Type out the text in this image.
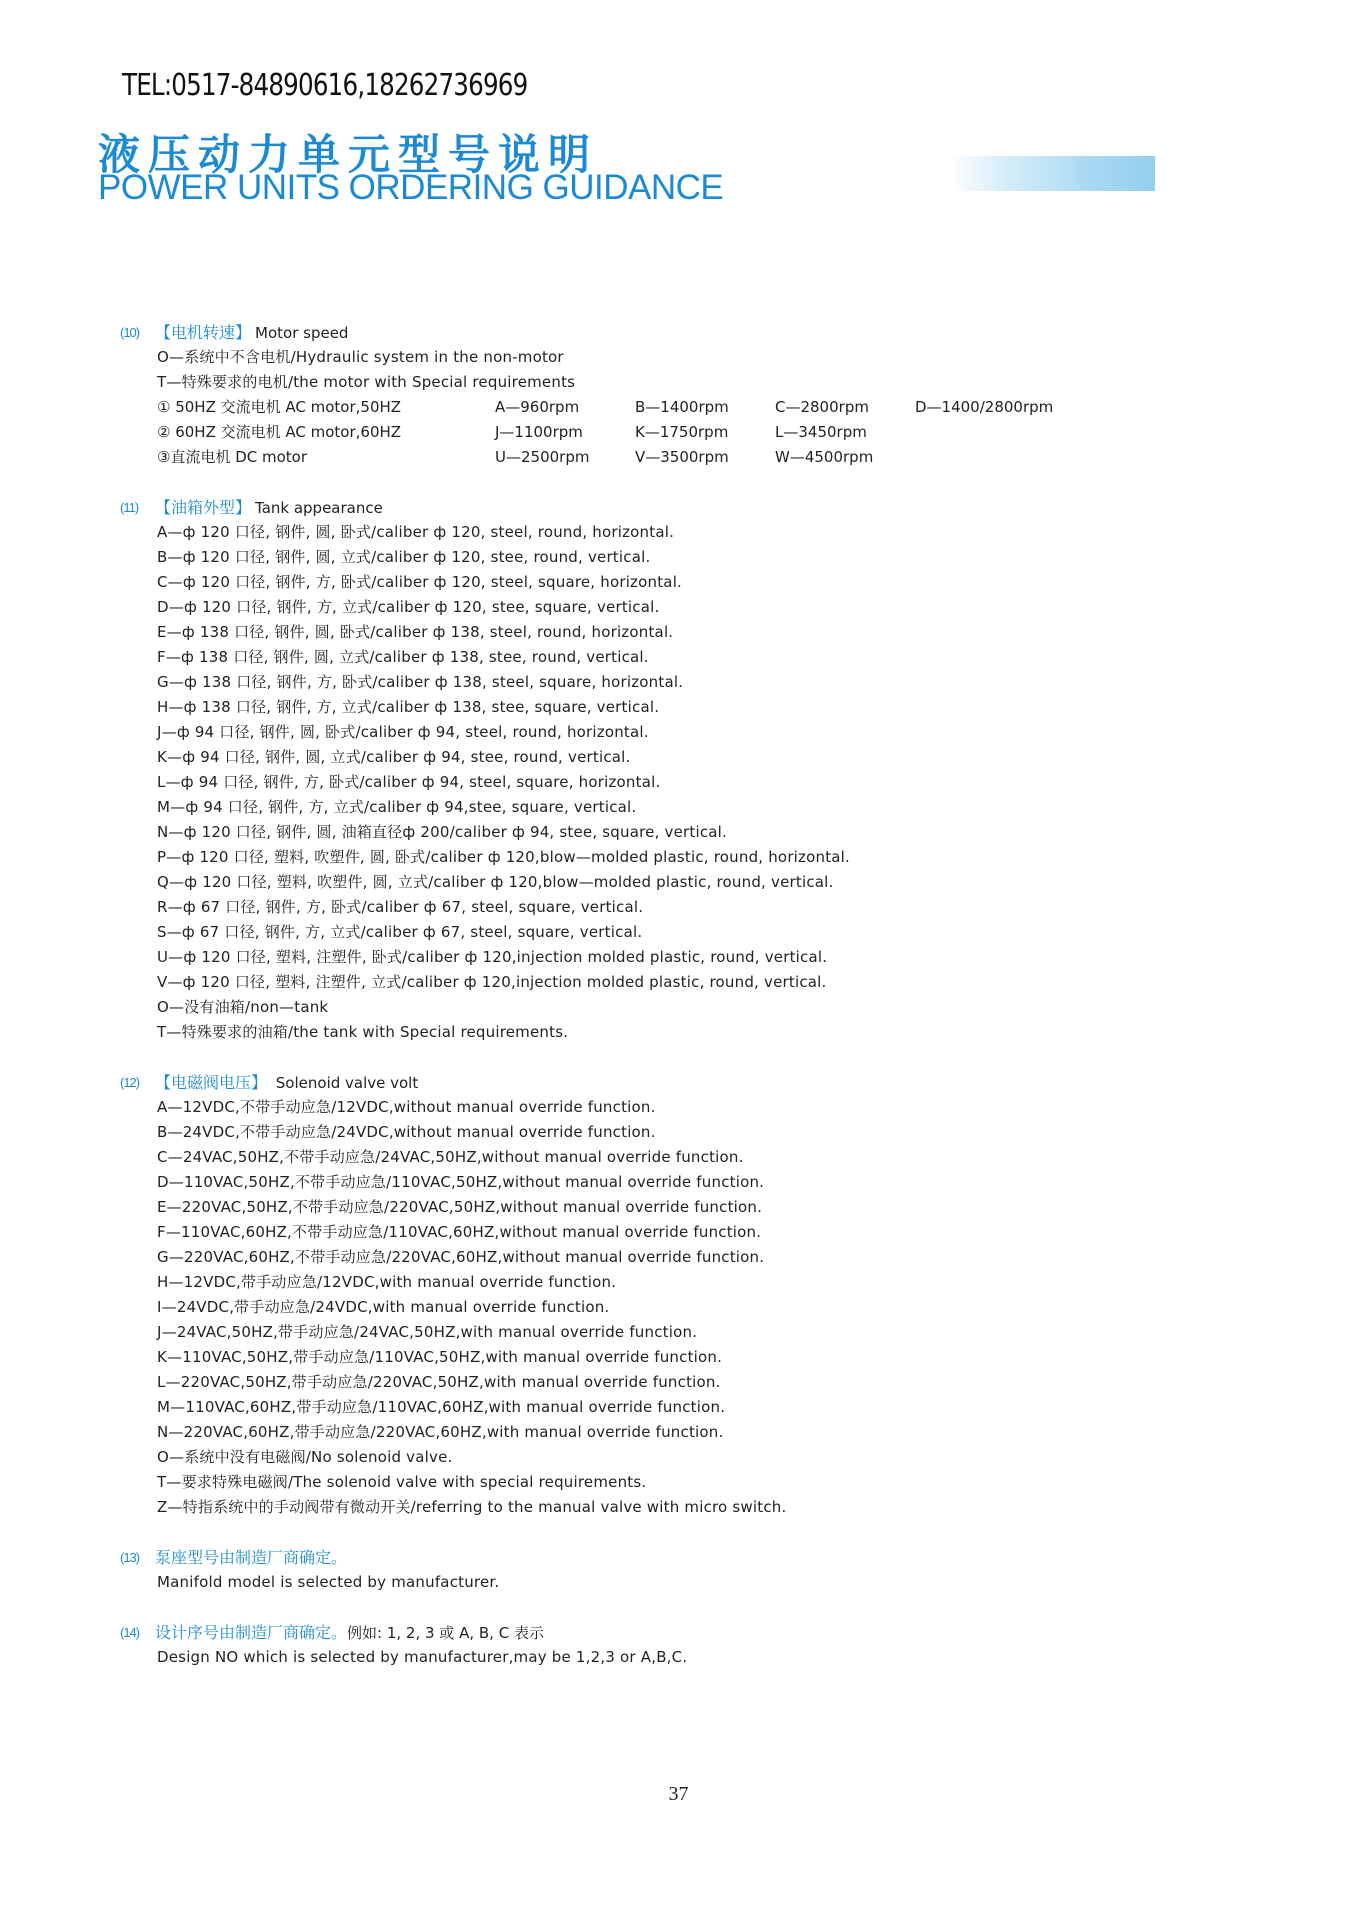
TEL:0517-84890616,18262736969
液压动力单元型号说明
POWER UNITS ORDERING GUIDANCE
(10) 【电机转速】 Motor speed
O—系统中不含电机/Hydraulic system in the non-motor
T—特殊要求的电机/the motor with Special requirements
① 50HZ 交流电机 AC motor,50HZ	A—960rpm	B—1400rpm	C—2800rpm	D—1400/2800rpm
② 60HZ 交流电机 AC motor,60HZ	J—1100rpm	K—1750rpm	L—3450rpm
③直流电机 DC motor	U—2500rpm	V—3500rpm	W—4500rpm
(11) 【油箱外型】 Tank appearance
A—ф 120 口径, 钢件, 圆, 卧式/caliber ф 120, steel, round, horizontal.
B—ф 120 口径, 钢件, 圆, 立式/caliber ф 120, stee, round, vertical.
C—ф 120 口径, 钢件, 方, 卧式/caliber ф 120, steel, square, horizontal.
D—ф 120 口径, 钢件, 方, 立式/caliber ф 120, stee, square, vertical.
E—ф 138 口径, 钢件, 圆, 卧式/caliber ф 138, steel, round, horizontal.
F—ф 138 口径, 钢件, 圆, 立式/caliber ф 138, stee, round, vertical.
G—ф 138 口径, 钢件, 方, 卧式/caliber ф 138, steel, square, horizontal.
H—ф 138 口径, 钢件, 方, 立式/caliber ф 138, stee, square, vertical.
J—ф 94 口径, 钢件, 圆, 卧式/caliber ф 94, steel, round, horizontal.
K—ф 94 口径, 钢件, 圆, 立式/caliber ф 94, stee, round, vertical.
L—ф 94 口径, 钢件, 方, 卧式/caliber ф 94, steel, square, horizontal.
M—ф 94 口径, 钢件, 方, 立式/caliber ф 94,stee, square, vertical.
N—ф 120 口径, 钢件, 圆, 油箱直径ф 200/caliber ф 94, stee, square, vertical.
P—ф 120 口径, 塑料, 吹塑件, 圆, 卧式/caliber ф 120,blow—molded plastic, round, horizontal.
Q—ф 120 口径, 塑料, 吹塑件, 圆, 立式/caliber ф 120,blow—molded plastic, round, vertical.
R—ф 67 口径, 钢件, 方, 卧式/caliber ф 67, steel, square, vertical.
S—ф 67 口径, 钢件, 方, 立式/caliber ф 67, steel, square, vertical.
U—ф 120 口径, 塑料, 注塑件, 卧式/caliber ф 120,injection molded plastic, round, vertical.
V—ф 120 口径, 塑料, 注塑件, 立式/caliber ф 120,injection molded plastic, round, vertical.
O—没有油箱/non—tank
T—特殊要求的油箱/the tank with Special requirements.
(12) 【电磁阀电压】 Solenoid valve volt
A—12VDC,不带手动应急/12VDC,without manual override function.
B—24VDC,不带手动应急/24VDC,without manual override function.
C—24VAC,50HZ,不带手动应急/24VAC,50HZ,without manual override function.
D—110VAC,50HZ,不带手动应急/110VAC,50HZ,without manual override function.
E—220VAC,50HZ,不带手动应急/220VAC,50HZ,without manual override function.
F—110VAC,60HZ,不带手动应急/110VAC,60HZ,without manual override function.
G—220VAC,60HZ,不带手动应急/220VAC,60HZ,without manual override function.
H—12VDC,带手动应急/12VDC,with manual override function.
I—24VDC,带手动应急/24VDC,with manual override function.
J—24VAC,50HZ,带手动应急/24VAC,50HZ,with manual override function.
K—110VAC,50HZ,带手动应急/110VAC,50HZ,with manual override function.
L—220VAC,50HZ,带手动应急/220VAC,50HZ,with manual override function.
M—110VAC,60HZ,带手动应急/110VAC,60HZ,with manual override function.
N—220VAC,60HZ,带手动应急/220VAC,60HZ,with manual override function.
O—系统中没有电磁阀/No solenoid valve.
T—要求特殊电磁阀/The solenoid valve with special requirements.
Z—特指系统中的手动阀带有微动开关/referring to the manual valve with micro switch.
(13) 泵座型号由制造厂商确定。
Manifold model is selected by manufacturer.
(14) 设计序号由制造厂商确定。例如: 1, 2, 3 或 A, B, C 表示
Design NO which is selected by manufacturer,may be 1,2,3 or A,B,C.
37
